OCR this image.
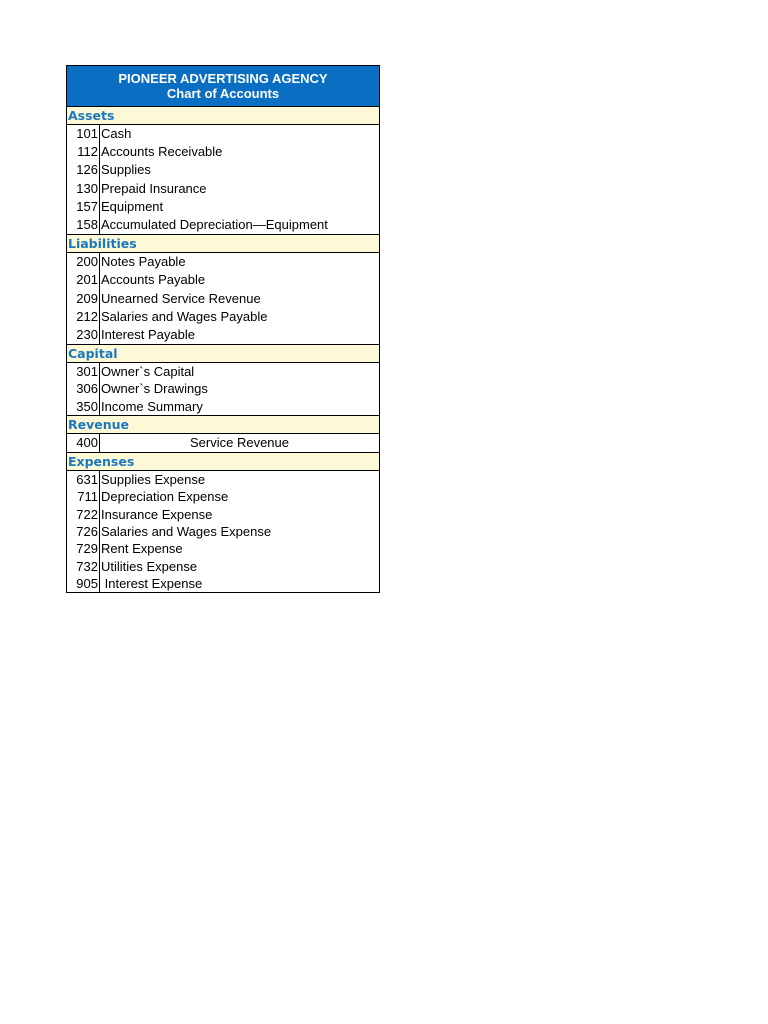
PIONEER ADVERTISING AGENCY
Chart of Accounts
Assets
101 Cash
112 Accounts Receivable
126 Supplies
130 Prepaid Insurance
157 Equipment
158 Accumulated Depreciation—Equipment
Liabilities
200 Notes Payable
201 Accounts Payable
209 Unearned Service Revenue
212 Salaries and Wages Payable
230 Interest Payable
Capital
301 Owner`s Capital
306 Owner`s Drawings
350 Income Summary
Revenue
400	Service Revenue
Expenses
631 Supplies Expense
711 Depreciation Expense
722 Insurance Expense
726 Salaries and Wages Expense
729 Rent Expense
732 Utilities Expense
905 Interest Expense
